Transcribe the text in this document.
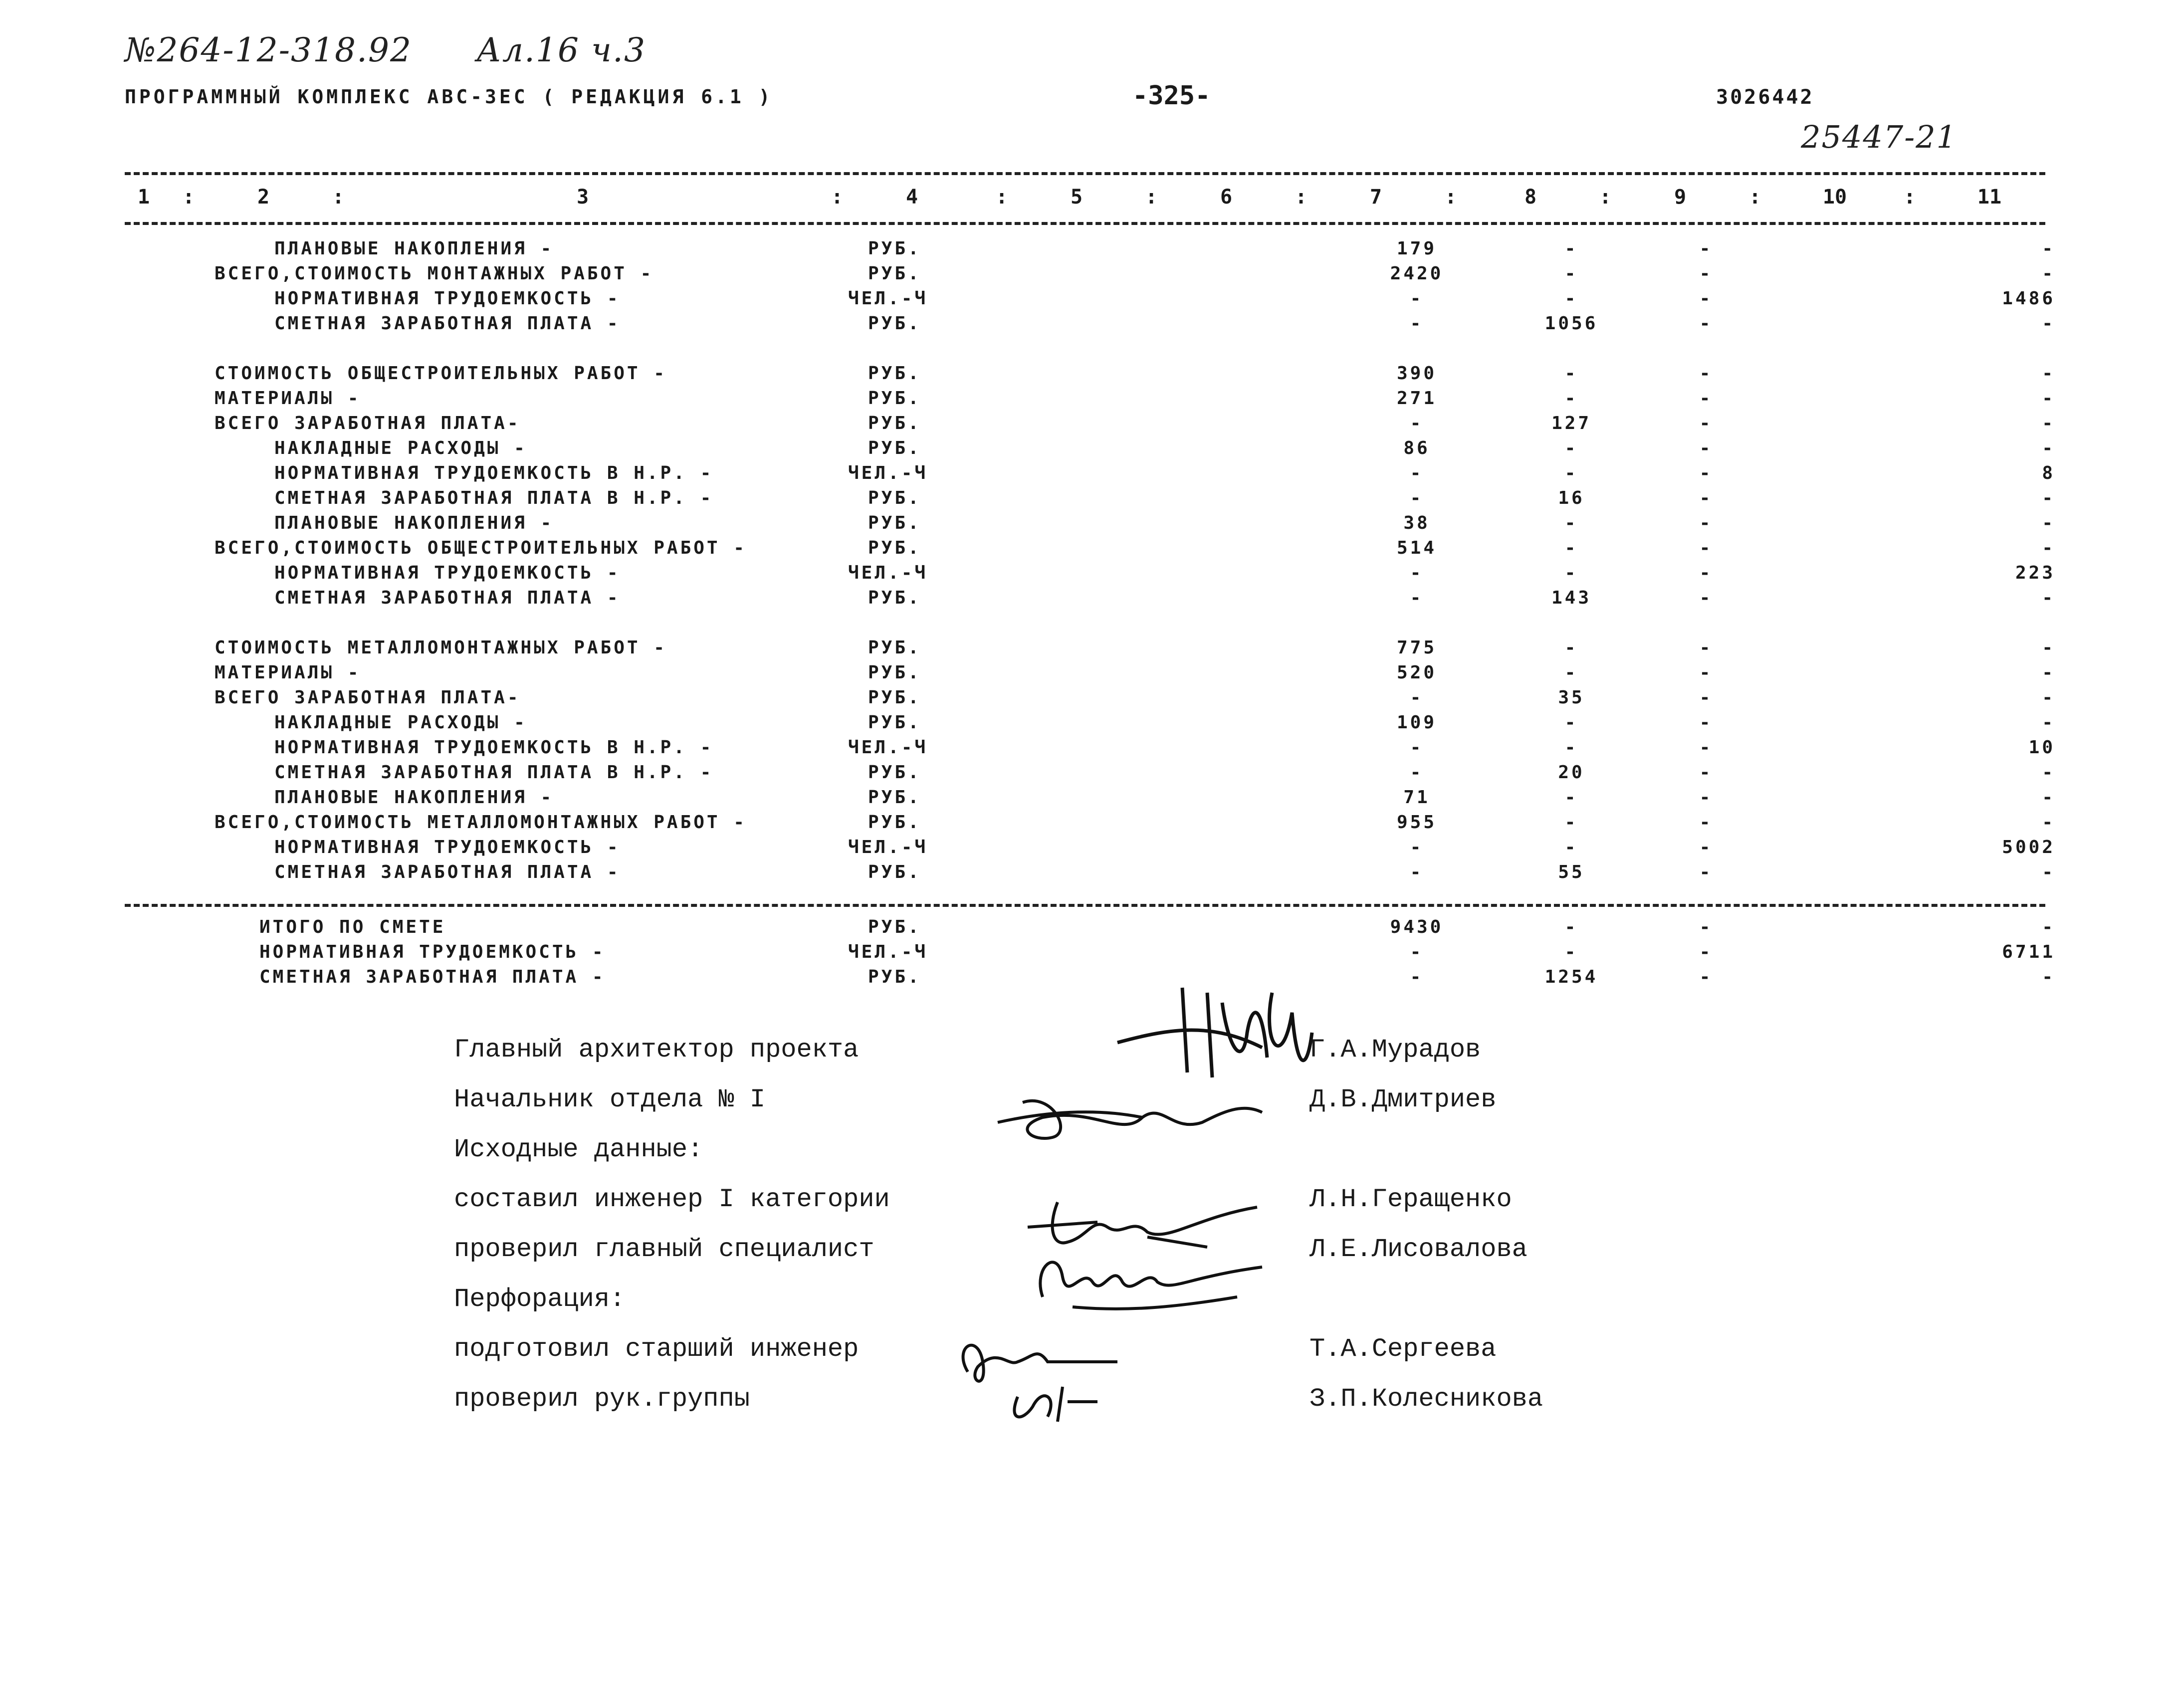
№264-12-318.92 Ал.16 ч.3
25447-21
ПРОГРАММНЫЙ КОМПЛЕКС АВС-3ЕС ( РЕДАКЦИЯ 6.1 )	-325-	3026442
1 :	2	:	3	:	4	:	5	:	6	:	7	:	8	:	9	:	10	:	11
ПЛАНОВЫЕ НАКОПЛЕНИЯ -	РУБ.	179	-	-	-
ВСЕГО,СТОИМОСТЬ МОНТАЖНЫХ РАБОТ -	РУБ.	2420	-	-	-
НОРМАТИВНАЯ ТРУДОЕМКОСТЬ -	ЧЕЛ.-Ч	-	-	-	1486
СМЕТНАЯ ЗАРАБОТНАЯ ПЛАТА -	РУБ.	-	1056	-	-
СТОИМОСТЬ ОБЩЕСТРОИТЕЛЬНЫХ РАБОТ -	РУБ.	390	-	-	-
МАТЕРИАЛЫ -	РУБ.	271	-	-	-
ВСЕГО ЗАРАБОТНАЯ ПЛАТА-	РУБ.	-	127	-	-
НАКЛАДНЫЕ РАСХОДЫ -	РУБ.	86	-	-	-
НОРМАТИВНАЯ ТРУДОЕМКОСТЬ В Н.Р. -	ЧЕЛ.-Ч	-	-	-	8
СМЕТНАЯ ЗАРАБОТНАЯ ПЛАТА В Н.Р. -	РУБ.	-	16	-	-
ПЛАНОВЫЕ НАКОПЛЕНИЯ -	РУБ.	38	-	-	-
ВСЕГО,СТОИМОСТЬ ОБЩЕСТРОИТЕЛЬНЫХ РАБОТ -	РУБ.	514	-	-	-
НОРМАТИВНАЯ ТРУДОЕМКОСТЬ -	ЧЕЛ.-Ч	-	-	-	223
СМЕТНАЯ ЗАРАБОТНАЯ ПЛАТА -	РУБ.	-	143	-	-
СТОИМОСТЬ МЕТАЛЛОМОНТАЖНЫХ РАБОТ -	РУБ.	775	-	-	-
МАТЕРИАЛЫ -	РУБ.	520	-	-	-
ВСЕГО ЗАРАБОТНАЯ ПЛАТА-	РУБ.	-	35	-	-
НАКЛАДНЫЕ РАСХОДЫ -	РУБ.	109	-	-	-
НОРМАТИВНАЯ ТРУДОЕМКОСТЬ В Н.Р. -	ЧЕЛ.-Ч	-	-	-	10
СМЕТНАЯ ЗАРАБОТНАЯ ПЛАТА В Н.Р. -	РУБ.	-	20	-	-
ПЛАНОВЫЕ НАКОПЛЕНИЯ -	РУБ.	71	-	-	-
ВСЕГО,СТОИМОСТЬ МЕТАЛЛОМОНТАЖНЫХ РАБОТ -	РУБ.	955	-	-	-
НОРМАТИВНАЯ ТРУДОЕМКОСТЬ -	ЧЕЛ.-Ч	-	-	-	5002
СМЕТНАЯ ЗАРАБОТНАЯ ПЛАТА -	РУБ.	-	55	-	-
ИТОГО ПО СМЕТЕ	РУБ.	9430	-	-	-
НОРМАТИВНАЯ ТРУДОЕМКОСТЬ -	ЧЕЛ.-Ч	-	-	-	6711
СМЕТНАЯ ЗАРАБОТНАЯ ПЛАТА -	РУБ.	-	1254	-	-
Главный архитектор проекта	Г.А.Мурадов
Начальник отдела № I	Д.В.Дмитриев
Исходные данные:
составил инженер I категории	Л.Н.Геращенко
проверил главный специалист	Л.Е.Лисовалова
Перфорация:
подготовил старший инженер	Т.А.Сергеева
проверил рук.группы	З.П.Колесникова
